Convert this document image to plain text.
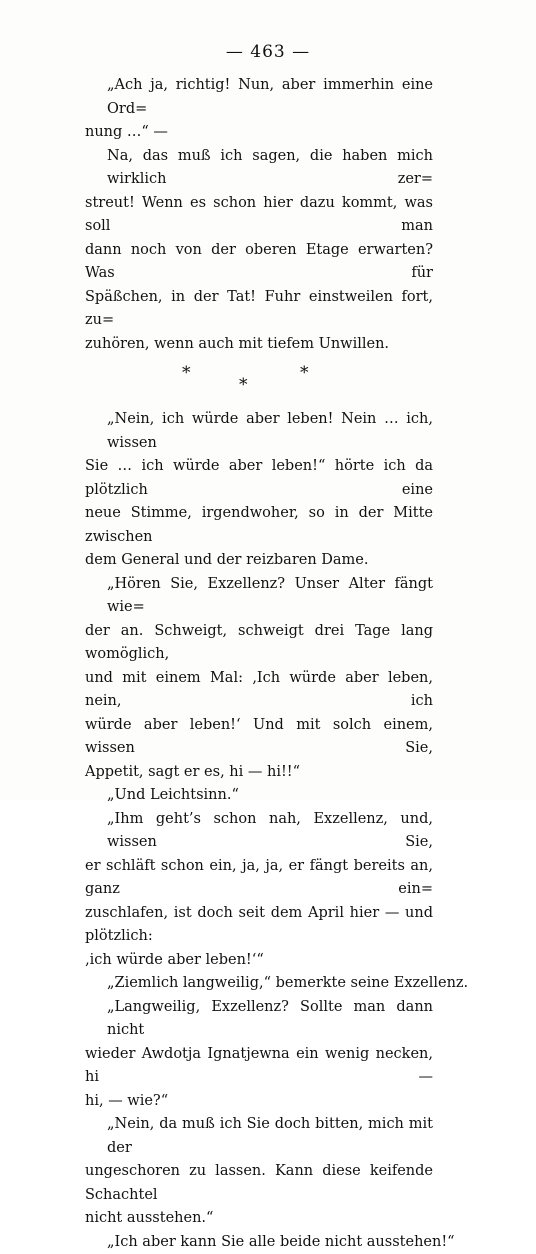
— 463 —
„Ach ja, richtig! Nun, aber immerhin eine Ord=
nung …“ —
Na, das muß ich sagen, die haben mich wirklich zer=
streut! Wenn es schon hier dazu kommt, was soll man
dann noch von der oberen Etage erwarten? Was für
Späßchen, in der Tat! Fuhr einstweilen fort, zu=
zuhören, wenn auch mit tiefem Unwillen.
*
*
*
„Nein, ich würde aber leben! Nein … ich, wissen
Sie … ich würde aber leben!“ hörte ich da plötzlich eine
neue Stimme, irgendwoher, so in der Mitte zwischen
dem General und der reizbaren Dame.
„Hören Sie, Exzellenz? Unser Alter fängt wie=
der an. Schweigt, schweigt drei Tage lang womöglich,
und mit einem Mal: ‚Ich würde aber leben, nein, ich
würde aber leben!‘ Und mit solch einem, wissen Sie,
Appetit, sagt er es, hi — hi!!“
„Und Leichtsinn.“
„Ihm geht’s schon nah, Exzellenz, und, wissen Sie,
er schläft schon ein, ja, ja, er fängt bereits an, ganz ein=
zuschlafen, ist doch seit dem April hier — und plötzlich:
‚ich würde aber leben!‘“
„Ziemlich langweilig,“ bemerkte seine Exzellenz.
„Langweilig, Exzellenz? Sollte man dann nicht
wieder Awdotja Ignatjewna ein wenig necken, hi —
hi, — wie?“
„Nein, da muß ich Sie doch bitten, mich mit der
ungeschoren zu lassen. Kann diese keifende Schachtel
nicht ausstehen.“
„Ich aber kann Sie alle beide nicht ausstehen!“
